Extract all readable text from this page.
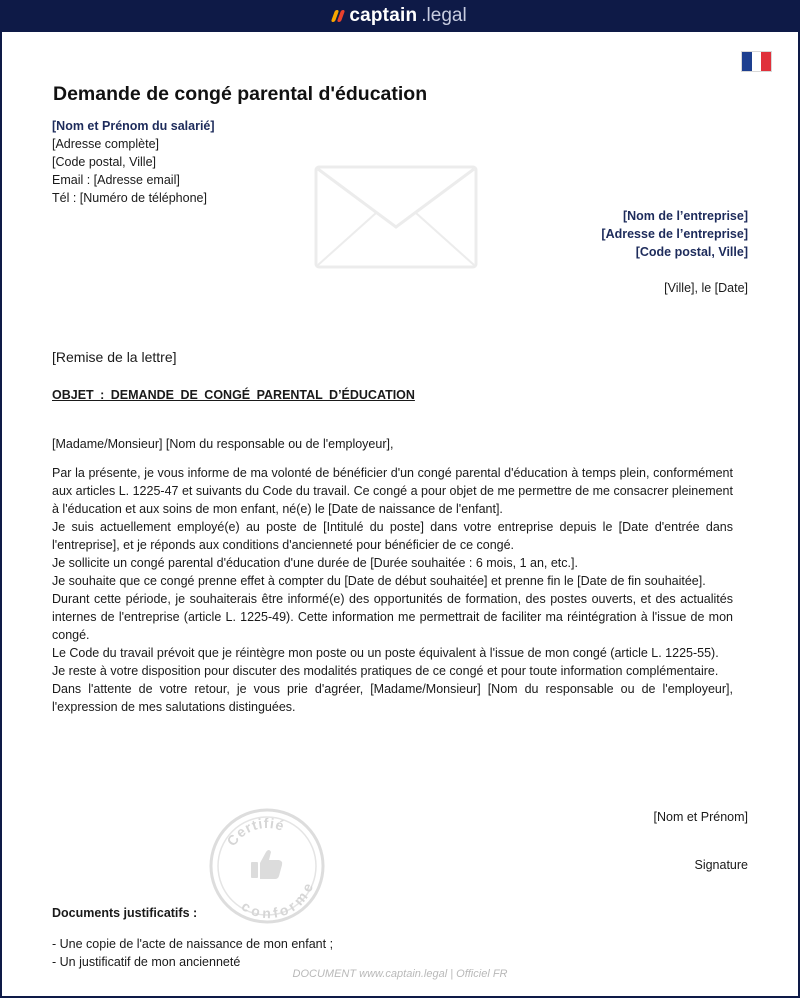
captain .legal
Demande de congé parental d'éducation
[Nom et Prénom du salarié]
[Adresse complète]
[Code postal, Ville]
Email : [Adresse email]
Tél : [Numéro de téléphone]
[Nom de l’entreprise]
[Adresse de l’entreprise]
[Code postal, Ville]
[Ville], le [Date]
[Remise de la lettre]
OBJET : DEMANDE DE CONGÉ PARENTAL D’ÉDUCATION
[Madame/Monsieur] [Nom du responsable ou de l'employeur],

Par la présente, je vous informe de ma volonté de bénéficier d'un congé parental d'éducation à temps plein, conformément aux articles L. 1225-47 et suivants du Code du travail. Ce congé a pour objet de me permettre de me consacrer pleinement à l'éducation et aux soins de mon enfant, né(e) le [Date de naissance de l'enfant].

Je suis actuellement employé(e) au poste de [Intitulé du poste] dans votre entreprise depuis le [Date d'entrée dans l'entreprise], et je réponds aux conditions d'ancienneté pour bénéficier de ce congé.

Je sollicite un congé parental d'éducation d'une durée de [Durée souhaitée : 6 mois, 1 an, etc.].

Je souhaite que ce congé prenne effet à compter du [Date de début souhaitée] et prenne fin le [Date de fin souhaitée].

Durant cette période, je souhaiterais être informé(e) des opportunités de formation, des postes ouverts, et des actualités internes de l'entreprise (article L. 1225-49). Cette information me permettrait de faciliter ma réintégration à l'issue de mon congé.

Le Code du travail prévoit que je réintègre mon poste ou un poste équivalent à l'issue de mon congé (article L. 1225-55).

Je reste à votre disposition pour discuter des modalités pratiques de ce congé et pour toute information complémentaire.

Dans l'attente de votre retour, je vous prie d'agréer, [Madame/Monsieur] [Nom du responsable ou de l'employeur], l'expression de mes salutations distinguées.

[Nom et Prénom]
Signature
Certifié
conforme
Documents justificatifs :
- Une copie de l'acte de naissance de mon enfant ;
- Un justificatif de mon ancienneté
DOCUMENT www.captain.legal | Officiel FR
